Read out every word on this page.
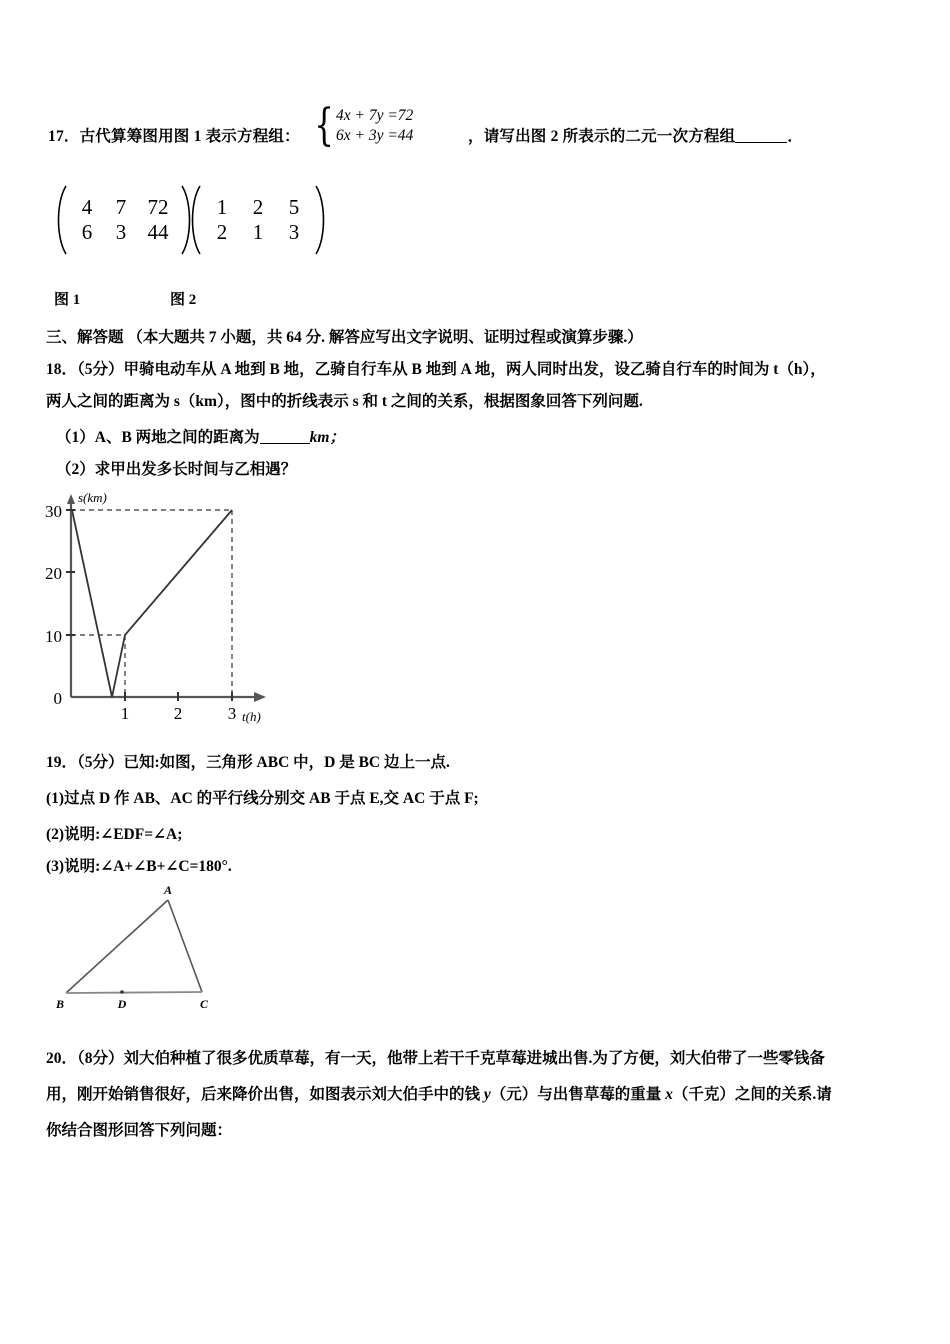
17．古代算筹图用图 1 表示方程组： { 4x + 7y =72
6x + 3y =44	，请写出图 2 所表示的二元一次方程组	．
4	7	72
6	3	44
1	2	5
2	1	3
图 1	图 2
三、解答题 （本大题共 7 小题，共 64 分. 解答应写出文字说明、证明过程或演算步骤.）
18．（5分）甲骑电动车从 A 地到 B 地，乙骑自行车从 B 地到 A 地，两人同时出发，设乙骑自行车的时间为 t（h），
两人之间的距离为 s（km），图中的折线表示 s 和 t 之间的关系，根据图象回答下列问题.
（1）A、B 两地之间的距离为	km；
（2）求甲出发多长时间与乙相遇？
30
20
10
0
1	2	3
s(km)
t(h)
19．（5分）已知:如图，三角形 ABC 中，D 是 BC 边上一点.
(1)过点 D 作 AB、AC 的平行线分别交 AB 于点 E,交 AC 于点 F;
(2)说明:∠EDF=∠A;
(3)说明:∠A+∠B+∠C=180°.
A
B	C
D
20．（8分）刘大伯种植了很多优质草莓，有一天，他带上若干千克草莓进城出售.为了方便，刘大伯带了一些零钱备
用，刚开始销售很好，后来降价出售，如图表示刘大伯手中的钱 y（元）与出售草莓的重量 x（千克）之间的关系.请
你结合图形回答下列问题：
